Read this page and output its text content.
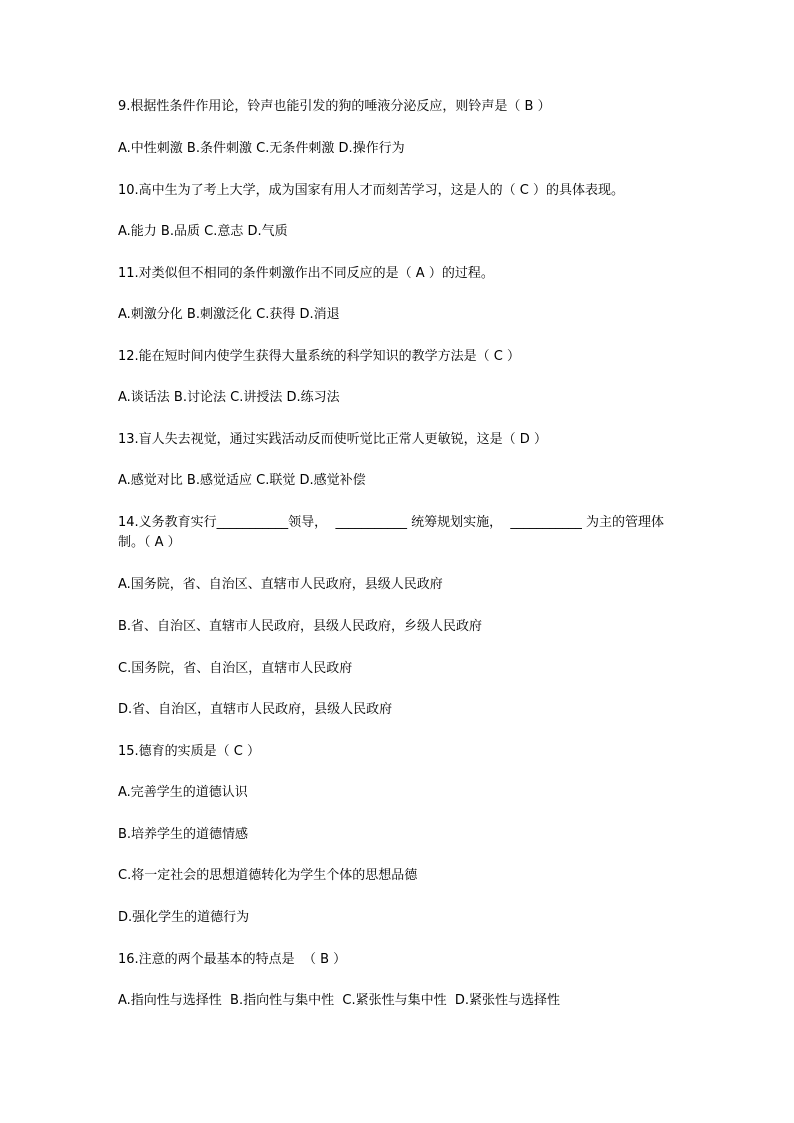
9.根据性条件作用论，铃声也能引发的狗的唾液分泌反应，则铃声是（ B ）
A.中性刺激 B.条件刺激 C.无条件刺激 D.操作行为
10.高中生为了考上大学，成为国家有用人才而刻苦学习，这是人的（ C ）的具体表现。
A.能力 B.品质 C.意志 D.气质
11.对类似但不相同的条件刺激作出不同反应的是（ A ）的过程。
A.刺激分化 B.刺激泛化 C.获得 D.消退
12.能在短时间内使学生获得大量系统的科学知识的教学方法是（ C ）
A.谈话法 B.讨论法 C.讲授法 D.练习法
13.盲人失去视觉，通过实践活动反而使听觉比正常人更敏锐，这是（ D ）
A.感觉对比 B.感觉适应 C.联觉 D.感觉补偿
14.义务教育实行___________领导，  ___________ 统筹规划实施，  ___________ 为主的管理体制。（ A ）
A.国务院，省、自治区、直辖市人民政府，县级人民政府
B.省、自治区、直辖市人民政府，县级人民政府，乡级人民政府
C.国务院，省、自治区，直辖市人民政府
D.省、自治区，直辖市人民政府，县级人民政府
15.德育的实质是（ C ）
A.完善学生的道德认识
B.培养学生的道德情感
C.将一定社会的思想道德转化为学生个体的思想品德
D.强化学生的道德行为
16.注意的两个最基本的特点是  （ B ）
A.指向性与选择性  B.指向性与集中性  C.紧张性与集中性  D.紧张性与选择性
